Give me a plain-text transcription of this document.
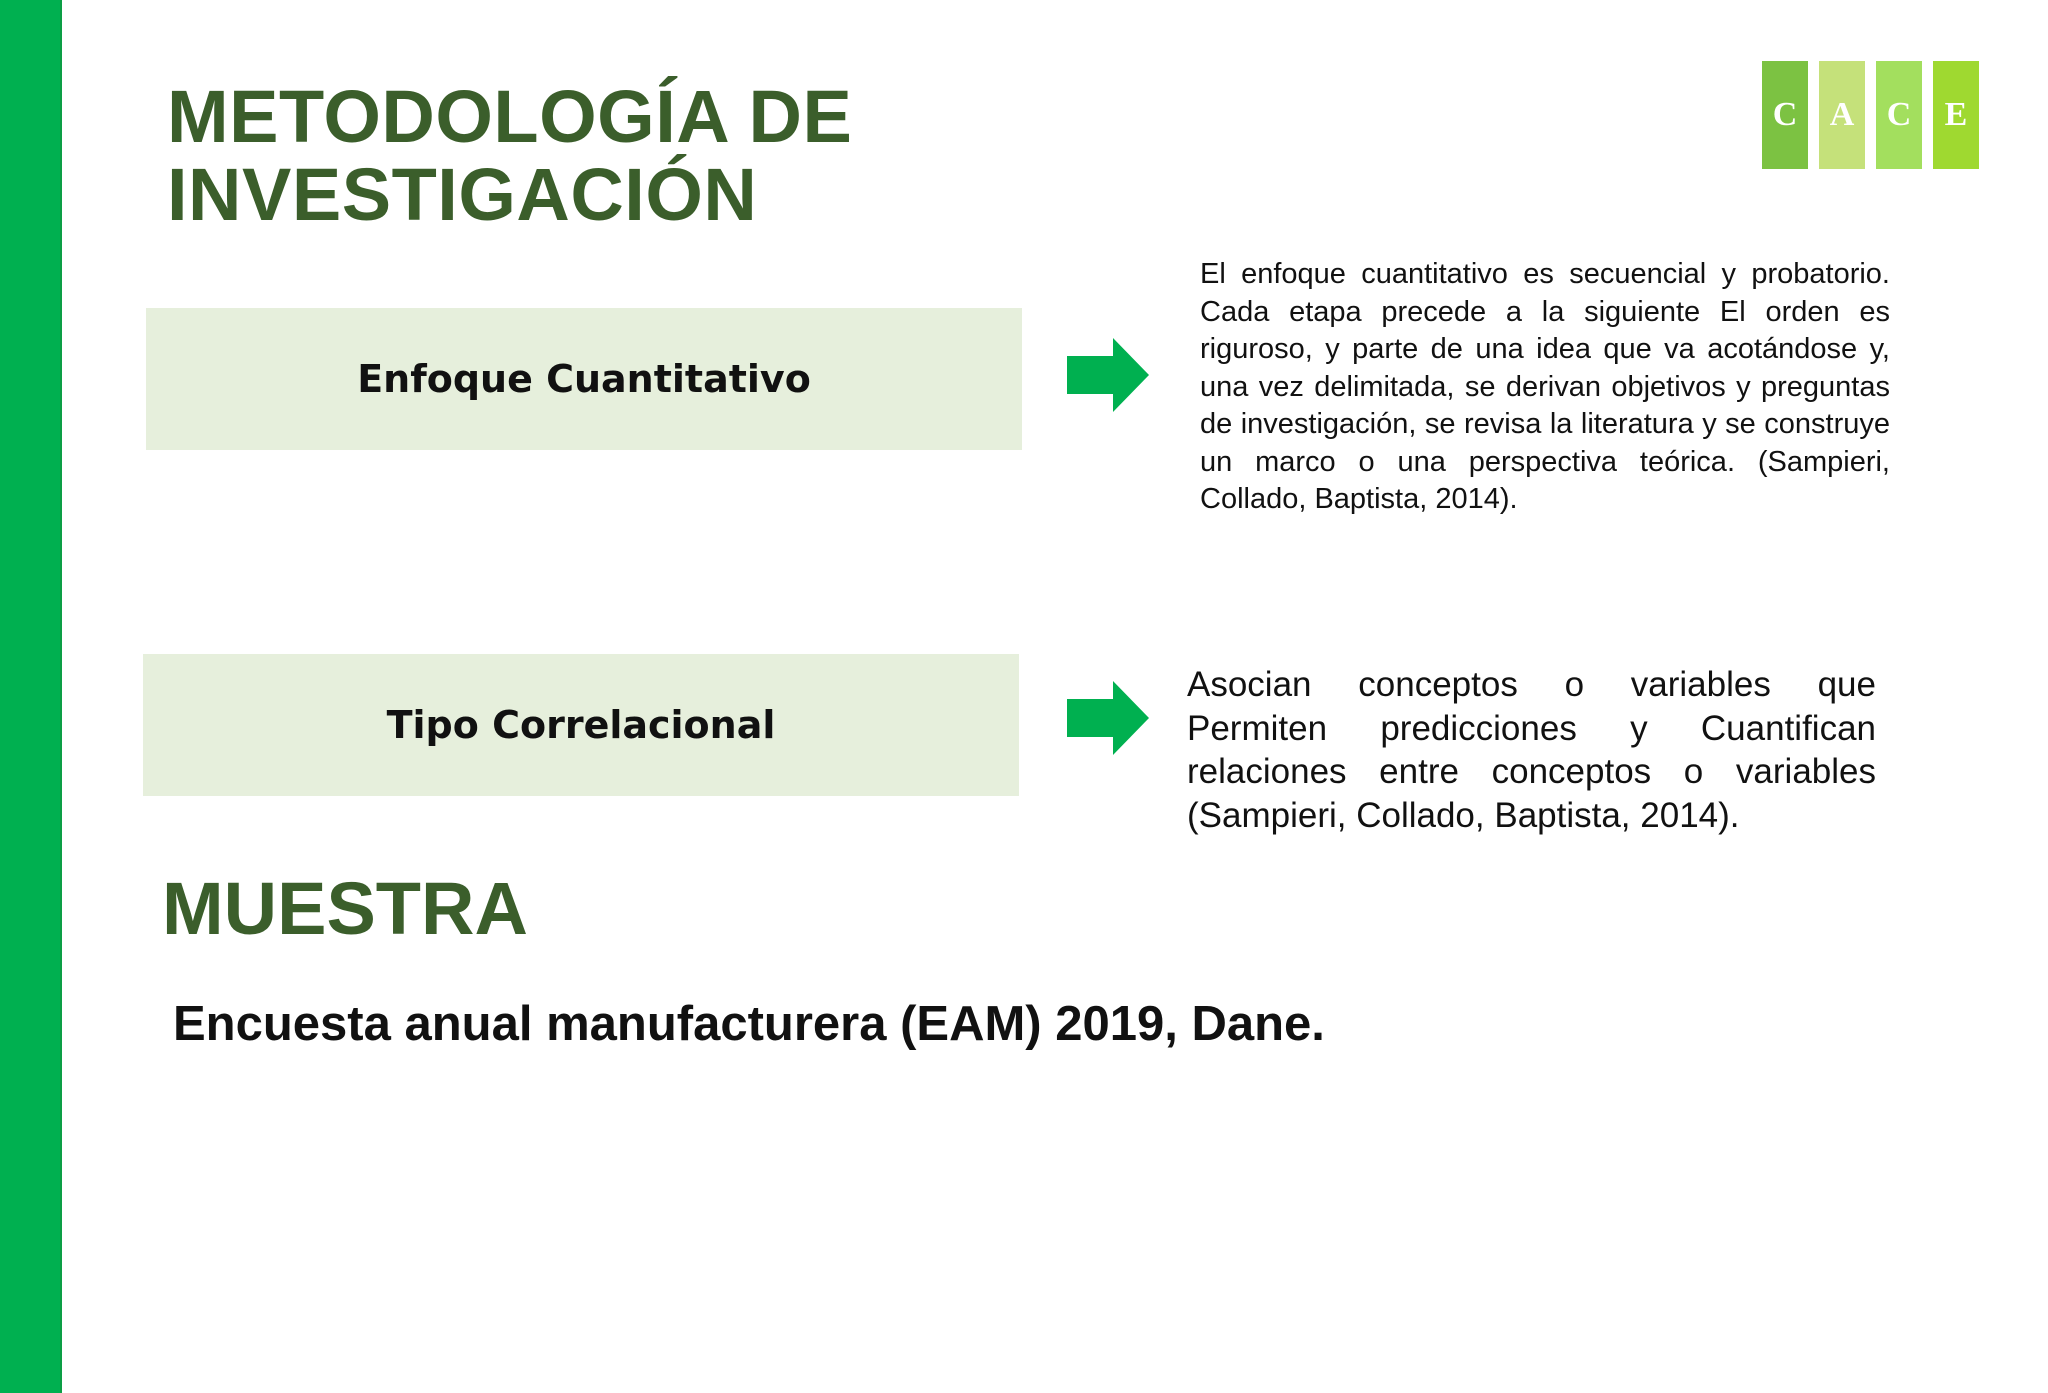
METODOLOGÍA DE
INVESTIGACIÓN
C A C E
Enfoque Cuantitativo

El enfoque cuantitativo es secuencial y probatorio. Cada etapa precede a la siguiente El orden es riguroso, y parte de una idea que va acotándose y, una vez delimitada, se derivan objetivos y preguntas de investigación, se revisa la literatura y se construye un marco o una perspectiva teórica. (Sampieri, Collado, Baptista, 2014).

Tipo Correlacional

Asocian conceptos o variables que Permiten predicciones y Cuantifican relaciones entre conceptos o variables (Sampieri, Collado, Baptista, 2014).

MUESTRA

Encuesta anual manufacturera (EAM) 2019, Dane.
